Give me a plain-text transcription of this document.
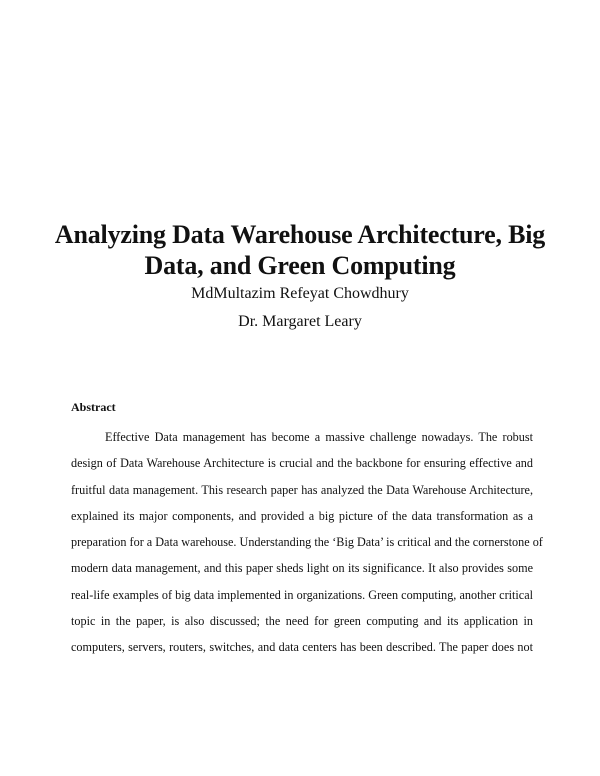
Analyzing Data Warehouse Architecture, Big Data, and Green Computing
MdMultazim Refeyat Chowdhury
Dr. Margaret Leary
Abstract
Effective Data management has become a massive challenge nowadays. The robust
design of Data Warehouse Architecture is crucial and the backbone for ensuring effective and
fruitful data management. This research paper has analyzed the Data Warehouse Architecture,
explained its major components, and provided a big picture of the data transformation as a
preparation for a Data warehouse. Understanding the ‘Big Data’ is critical and the cornerstone of
modern data management, and this paper sheds light on its significance. It also provides some
real-life examples of big data implemented in organizations. Green computing, another critical
topic in the paper, is also discussed; the need for green computing and its application in
computers, servers, routers, switches, and data centers has been described. The paper does not
